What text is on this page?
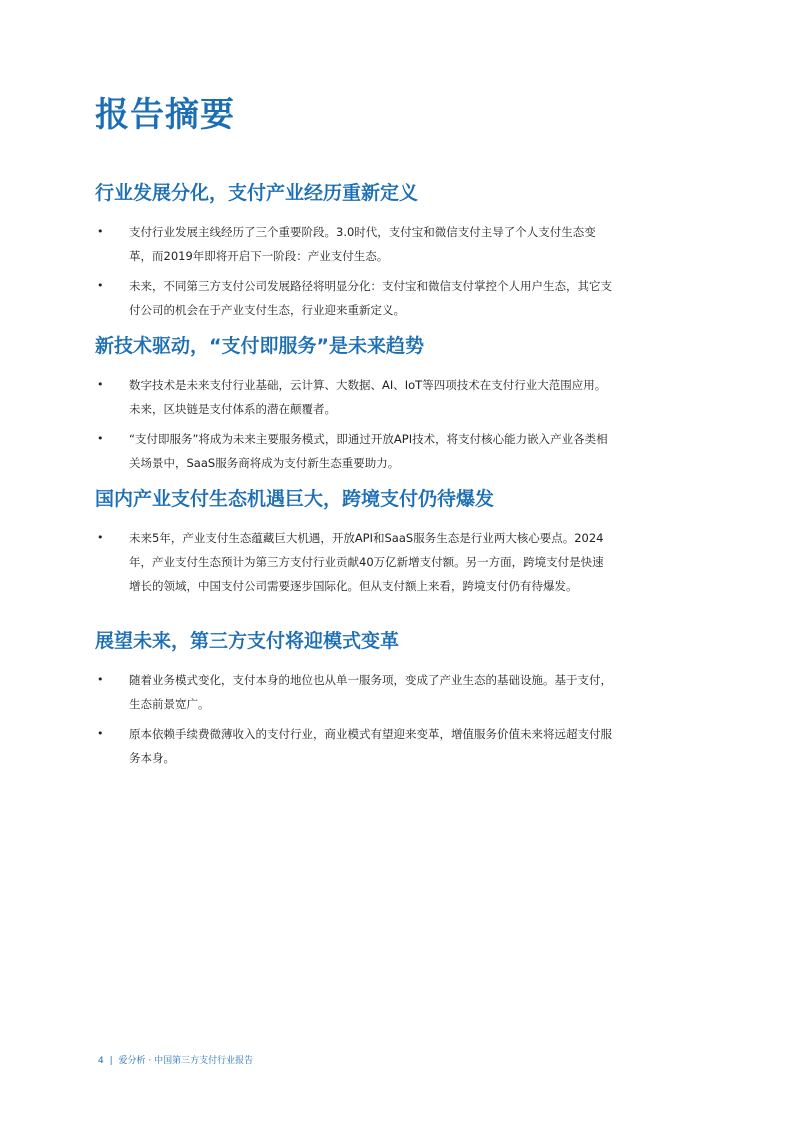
报告摘要
行业发展分化，支付产业经历重新定义
• 支付行业发展主线经历了三个重要阶段。3.0时代，支付宝和微信支付主导了个人支付生态变革，而2019年即将开启下一阶段：产业支付生态。
• 未来，不同第三方支付公司发展路径将明显分化：支付宝和微信支付掌控个人用户生态，其它支付公司的机会在于产业支付生态，行业迎来重新定义。
新技术驱动，“支付即服务”是未来趋势
• 数字技术是未来支付行业基础，云计算、大数据、AI、IoT等四项技术在支付行业大范围应用。未来，区块链是支付体系的潜在颠覆者。
• “支付即服务”将成为未来主要服务模式，即通过开放API技术，将支付核心能力嵌入产业各类相关场景中，SaaS服务商将成为支付新生态重要助力。
国内产业支付生态机遇巨大，跨境支付仍待爆发
• 未来5年，产业支付生态蕴藏巨大机遇，开放API和SaaS服务生态是行业两大核心要点。2024年，产业支付生态预计为第三方支付行业贡献40万亿新增支付额。另一方面，跨境支付是快速增长的领域，中国支付公司需要逐步国际化。但从支付额上来看，跨境支付仍有待爆发。
展望未来，第三方支付将迎模式变革
• 随着业务模式变化，支付本身的地位也从单一服务项，变成了产业生态的基础设施。基于支付，生态前景宽广。
• 原本依赖手续费微薄收入的支付行业，商业模式有望迎来变革，增值服务价值未来将远超支付服务本身。
4 | 爱分析 · 中国第三方支付行业报告
